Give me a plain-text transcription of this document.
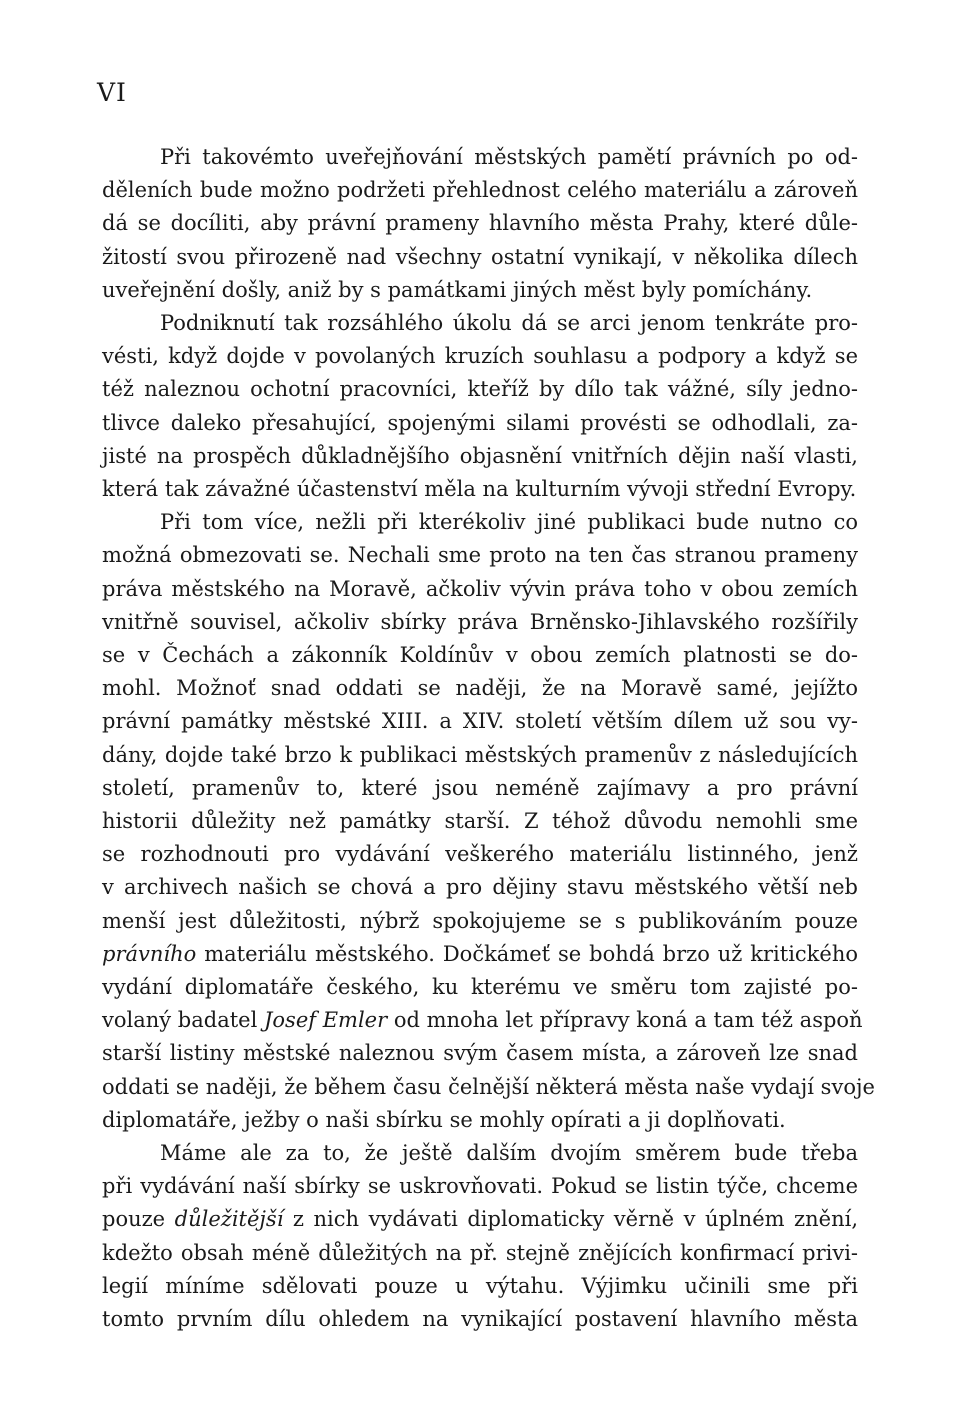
VI
Při takovémto uveřejňování městských pamětí právních po od-
děleních bude možno podržeti přehlednost celého materiálu a zároveň
dá se docíliti, aby právní prameny hlavního města Prahy, které důle-
žitostí svou přirozeně nad všechny ostatní vynikají, v několika dílech
uveřejnění došly, aniž by s památkami jiných měst byly pomíchány.
Podniknutí tak rozsáhlého úkolu dá se arci jenom tenkráte pro-
vésti, když dojde v povolaných kruzích souhlasu a podpory a když se
též naleznou ochotní pracovníci, kteříž by dílo tak vážné, síly jedno-
tlivce daleko přesahující, spojenými silami provésti se odhodlali, za-
jisté na prospěch důkladnějšího objasnění vnitřních dějin naší vlasti,
která tak závažné účastenství měla na kulturním vývoji střední Evropy.
Při tom více, nežli při kterékoliv jiné publikaci bude nutno co
možná obmezovati se. Nechali sme proto na ten čas stranou prameny
práva městského na Moravě, ačkoliv vývin práva toho v obou zemích
vnitřně souvisel, ačkoliv sbírky práva Brněnsko-Jihlavského rozšířily
se v Čechách a zákonník Koldínův v obou zemích platnosti se do-
mohl. Možnoť snad oddati se naději, že na Moravě samé, jejížto
právní památky městské XIII. a XIV. století větším dílem už sou vy-
dány, dojde také brzo k publikaci městských pramenův z následujících
století, pramenův to, které jsou neméně zajímavy a pro právní
historii důležity než památky starší. Z téhož důvodu nemohli sme
se rozhodnouti pro vydávání veškerého materiálu listinného, jenž
v archivech našich se chová a pro dějiny stavu městského větší neb
menší jest důležitosti, nýbrž spokojujeme se s publikováním pouze
právního materiálu městského. Dočkámeť se bohdá brzo už kritického
vydání diplomatáře českého, ku kterému ve směru tom zajisté po-
volaný badatel Josef Emler od mnoha let přípravy koná a tam též aspoň
starší listiny městské naleznou svým časem místa, a zároveň lze snad
oddati se naději, že během času čelnější některá města naše vydají svoje
diplomatáře, ježby o naši sbírku se mohly opírati a ji doplňovati.
Máme ale za to, že ještě dalším dvojím směrem bude třeba
při vydávání naší sbírky se uskrovňovati. Pokud se listin týče, chceme
pouze důležitější z nich vydávati diplomaticky věrně v úplném znění,
kdežto obsah méně důležitých na př. stejně znějících konfirmací privi-
legií míníme sdělovati pouze u výtahu. Výjimku učinili sme při
tomto prvním dílu ohledem na vynikající postavení hlavního města
